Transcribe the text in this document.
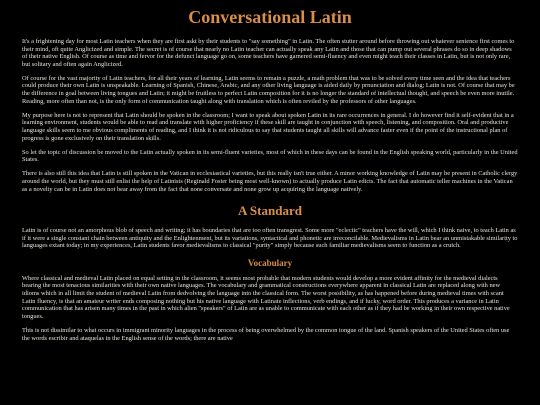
Conversational Latin

It's a frightening day for most Latin teachers when they are first askt by their students to "say something" in Latin. The often stutter around before throwing out whatever sentence first comes to their mind, oft quite Anglicized and simple. The secret is of course that nearly no Latin teacher can actually speak any Latin and those that can pump out several phrases do so in deep shadows of their native English. Of course as time and fervor for the defunct language go on, some teachers have garnered semi-fluency and even might teach their classes in Latin, but is not only rare, but solitary and often again Anglicized.

Of course for the vast majority of Latin teachers, for all their years of learning, Latin seems to remain a puzzle, a math problem that was to be solved every time seen and the idea that teachers could produce their own Latin is unspeakable. Learning of Spanish, Chinese, Arabic, and any other living language is aided daily by prnunciation and dialog; Latin is not. Of course that may be the difference in goal between living tongues and Latin; it might be fruitless to perfect Latin composition for it is no longer the standard of intellectual thought, and speech be even more inutile. Reading, more often than not, is the only form of communication taught along with translation which is often reviled by the professors of other languages.

My purpose here is not to represent that Latin should be spoken in the classroom; I want to speak about spoken Latin in its rare occurrences in general. I do however find it self-evident that in a learning environment, students would be able to read and translate with higher proficiency if these skill are taught in conjunction with speech, listening, and composition. Oral and productive language skills seem to me obvious compliments of reading, and I think it is not ridiculous to say that students taught all skills will advance faster even if the point of the instructional plan of progress is gone exclusively on their translation skills.

So let the topic of discussion be moved to the Latin actually spoken in its semi-fluent varieties, most of which in these days can be found in the English speaking world, particularly in the United States.

There is also still this idea that Latin is still spoken in the Vatican in ecclesiastical varieties, but this really isn't true either. A minor working knowledge of Latin may be present in Catholic clergy around the world, but they must still enlist the help of Latinists (Reginald Foster being most well-known) to actually produce Latin edicts. The fact that automatic teller machines in the Vatican as a novelty can be in Latin does not bear away from the fact that none conversate and none grow up acquiring the language natively.

A Standard

Latin is of course not an amorphous blob of speech and writing; it has boundaries that are too often transgrest. Some more "eclectic" teachers have the will, which I think naive, to teach Latin as if it were a single constant chain between antiquity and the Enlightenment, but its variations, syntactical and phonetic are irreconcilable. Medievalisms in Latin bear an unmistakable similarity to languages extant today; in my experiences, Latin students favor medievalisms to classical "purity" simply because such familiar medievalisms seem to function as a crutch.

Vocabulary

Where classical and medieval Latin placed on equal setting in the classroom, it seems most probable that modern students would develop a more evident affinity for the medieval dialects bearing the most tenacious similarities with their own native languages. The vocabulary and grammatical constructions everywhere apparent in classical Latin are replaced along with new idioms which in all limit the student of medieval Latin from dedvolving the language into the classical form. The worst possibility, as has happened before during medieval times with scant Latin fluency, is that an amateur writer ends composing nothing but his native language with Latinate inflections, verb endings, and if lucky, word order. This produces a variance in Latin communication that has arisen many times in the past in which alien "speakers" of Latin are as unable to communicate with each other as if they had be working in their own respective native tongues.

This is not dissimilar to what occurs in immigrant minority languages in the process of being overwhelmed by the common tongue of the land. Spanish speakers of the United States often use the words escribir and ataquelas in the English sense of the words; there are native
